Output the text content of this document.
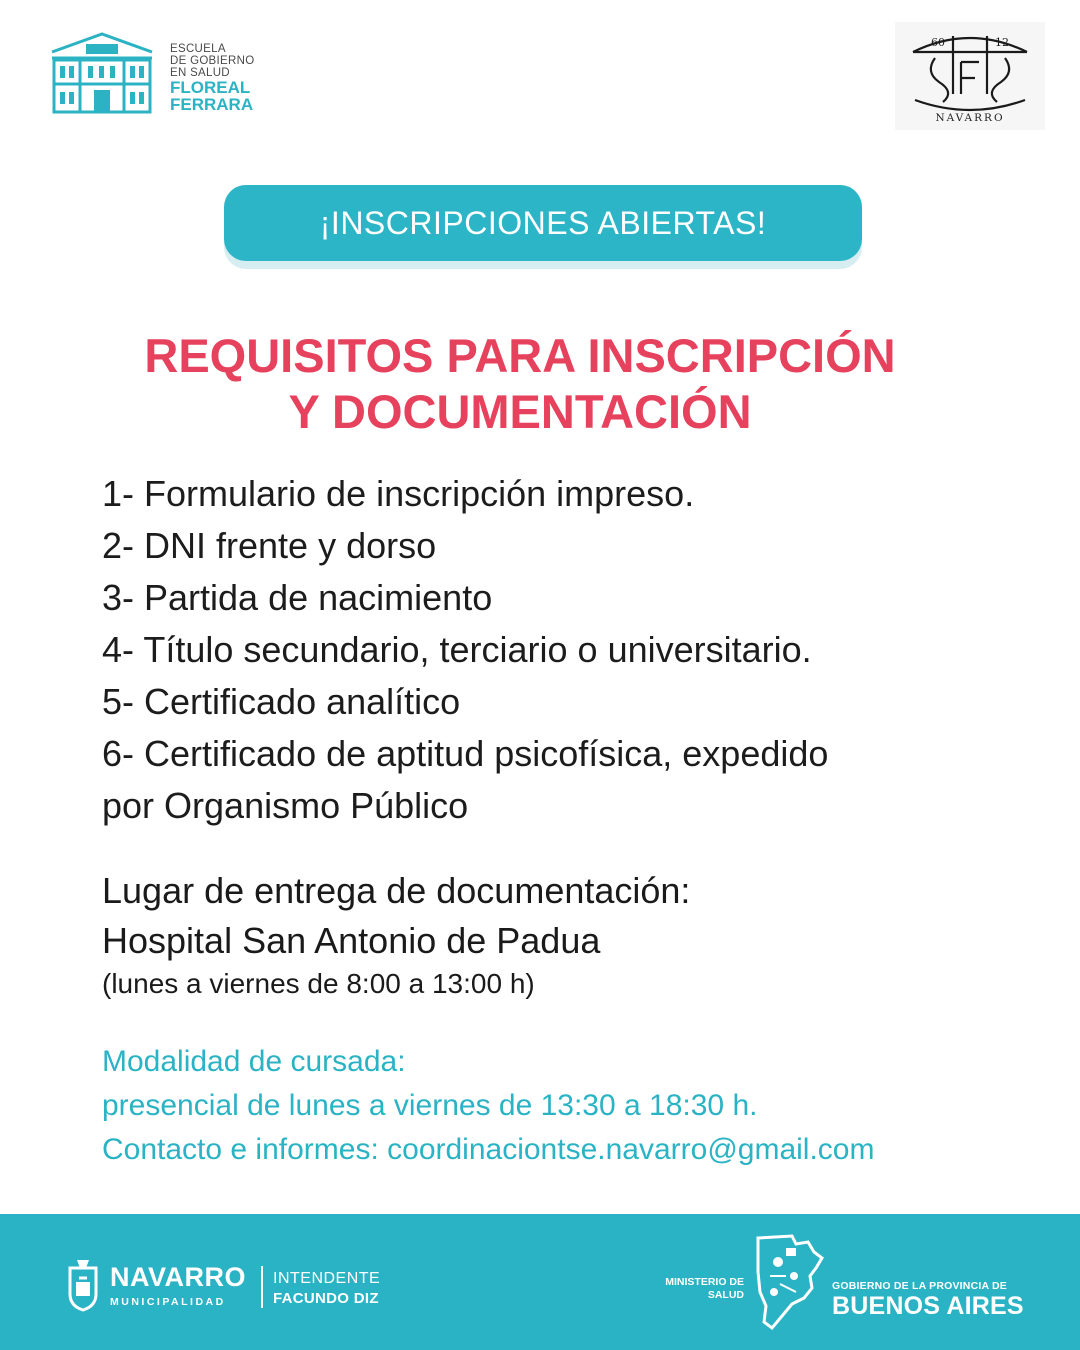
ESCUELA
DE GOBIERNO
EN SALUD
FLOREAL
FERRARA
60	12
NAVARRO
¡INSCRIPCIONES ABIERTAS!
REQUISITOS PARA INSCRIPCIÓN
Y DOCUMENTACIÓN
1- Formulario de inscripción impreso.
2- DNI frente y dorso
3- Partida de nacimiento
4- Título secundario, terciario o universitario.
5- Certificado analítico
6- Certificado de aptitud psicofísica, expedido
por Organismo Público
Lugar de entrega de documentación:
Hospital San Antonio de Padua
(lunes a viernes de 8:00 a 13:00 h)
Modalidad de cursada:
presencial de lunes a viernes de 13:30 a 18:30 h.
Contacto e informes: coordinaciontse.navarro@gmail.com
NAVARRO
MUNICIPALIDAD
INTENDENTE
FACUNDO DIZ
MINISTERIO DE
SALUD
GOBIERNO DE LA PROVINCIA DE
BUENOS AIRES
